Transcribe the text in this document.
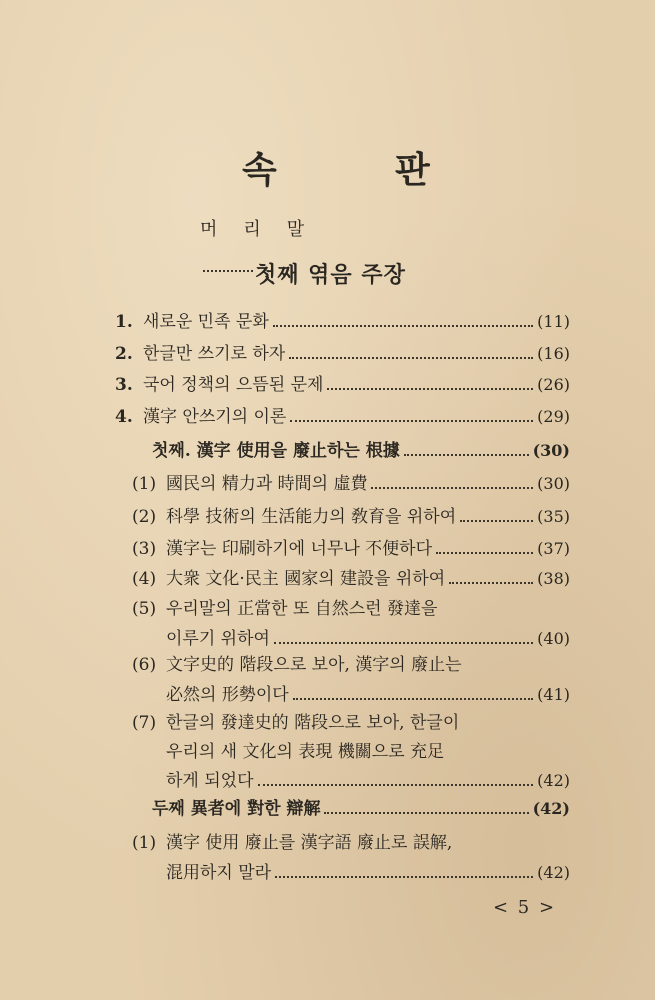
속	판
머리말
첫째 엮음 주장
1. 새로운 민족 문화	(11)
2. 한글만 쓰기로 하자	(16)
3. 국어 정책의 으뜸된 문제	(26)
4. 漢字 안쓰기의 이론	(29)
첫째. 漢字 使用을 廢止하는 根據	(30)
(1) 國民의 精力과 時間의 虛費	(30)
(2) 科學 技術의 生活能力의 敎育을 위하여	(35)
(3) 漢字는 印刷하기에 너무나 不便하다	(37)
(4) 大衆 文化·民主 國家의 建設을 위하여	(38)
(5) 우리말의 正當한 또 自然스런 發達을
이루기 위하여	(40)
(6) 文字史的 階段으로 보아, 漢字의 廢止는
必然의 形勢이다	(41)
(7) 한글의 發達史的 階段으로 보아, 한글이
우리의 새 文化의 表現 機關으로 充足
하게 되었다	(42)
두째 異者에 對한 辯解	(42)
(1) 漢字 使用 廢止를 漢字語 廢止로 誤解,
混用하지 말라	(42)
< 5 >
